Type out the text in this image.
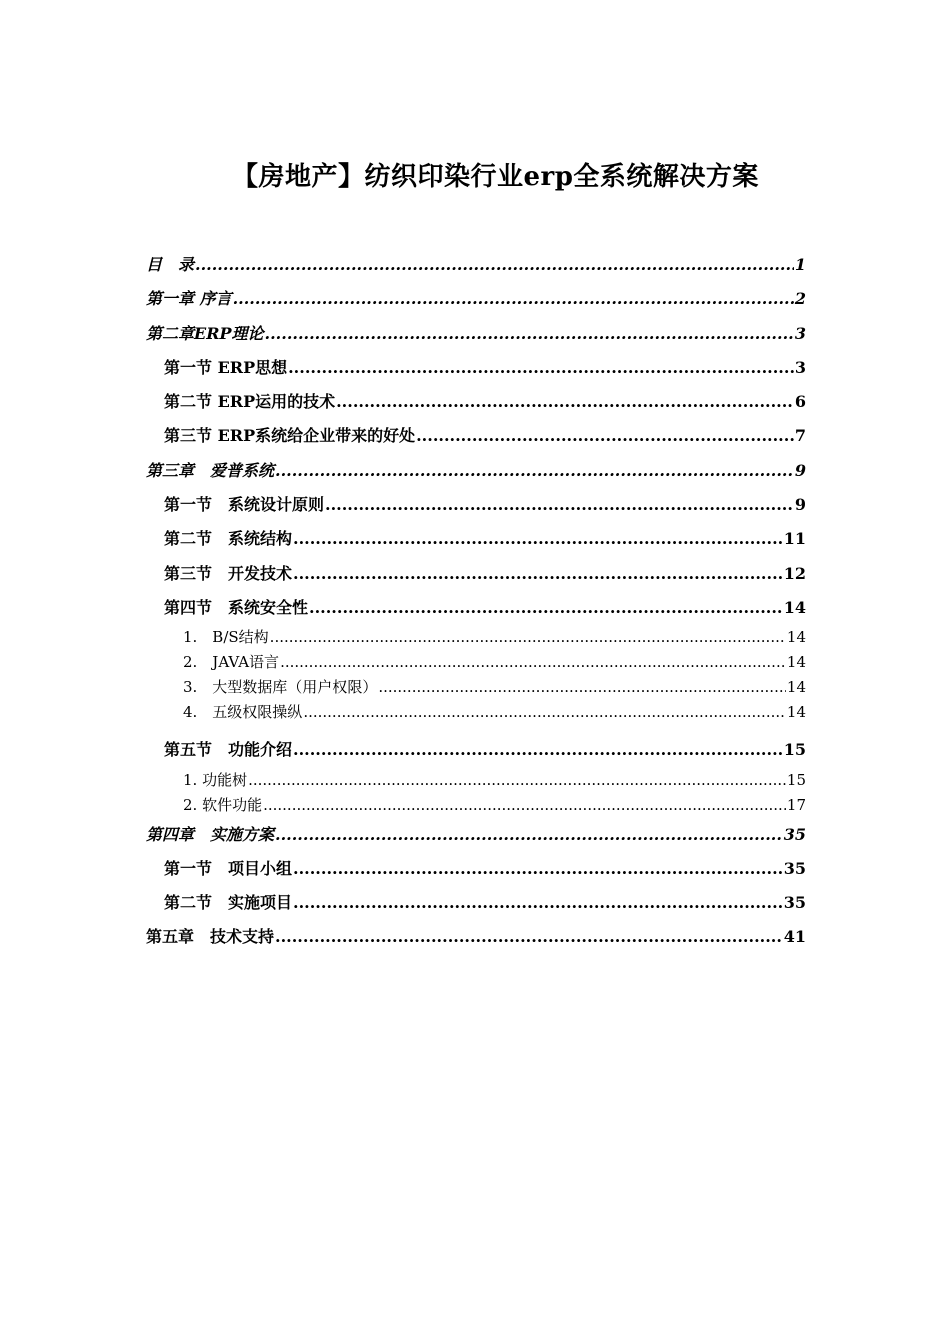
【房地产】纺织印染行业erp全系统解决方案
目　录 .....	1
第一章 序言 .....	2
第二章ERP理论 .....	3
第一节 ERP思想 .....	3
第二节 ERP运用的技术 .....	6
第三节 ERP系统给企业带来的好处 .....	7
第三章　爱普系统 .....	9
第一节　系统设计原则 .....	9
第二节　系统结构 .....	11
第三节　开发技术 .....	12
第四节　系统安全性 .....	14
1.　B/S结构 .....	14
2.　JAVA语言 .....	14
3.　大型数据库（用户权限） .....	14
4.　五级权限操纵 .....	14
第五节　功能介绍 .....	15
1. 功能树 .....	15
2. 软件功能 .....	17
第四章　实施方案 .....	35
第一节　项目小组 .....	35
第二节　实施项目 .....	35
第五章　技术支持 .....	41
